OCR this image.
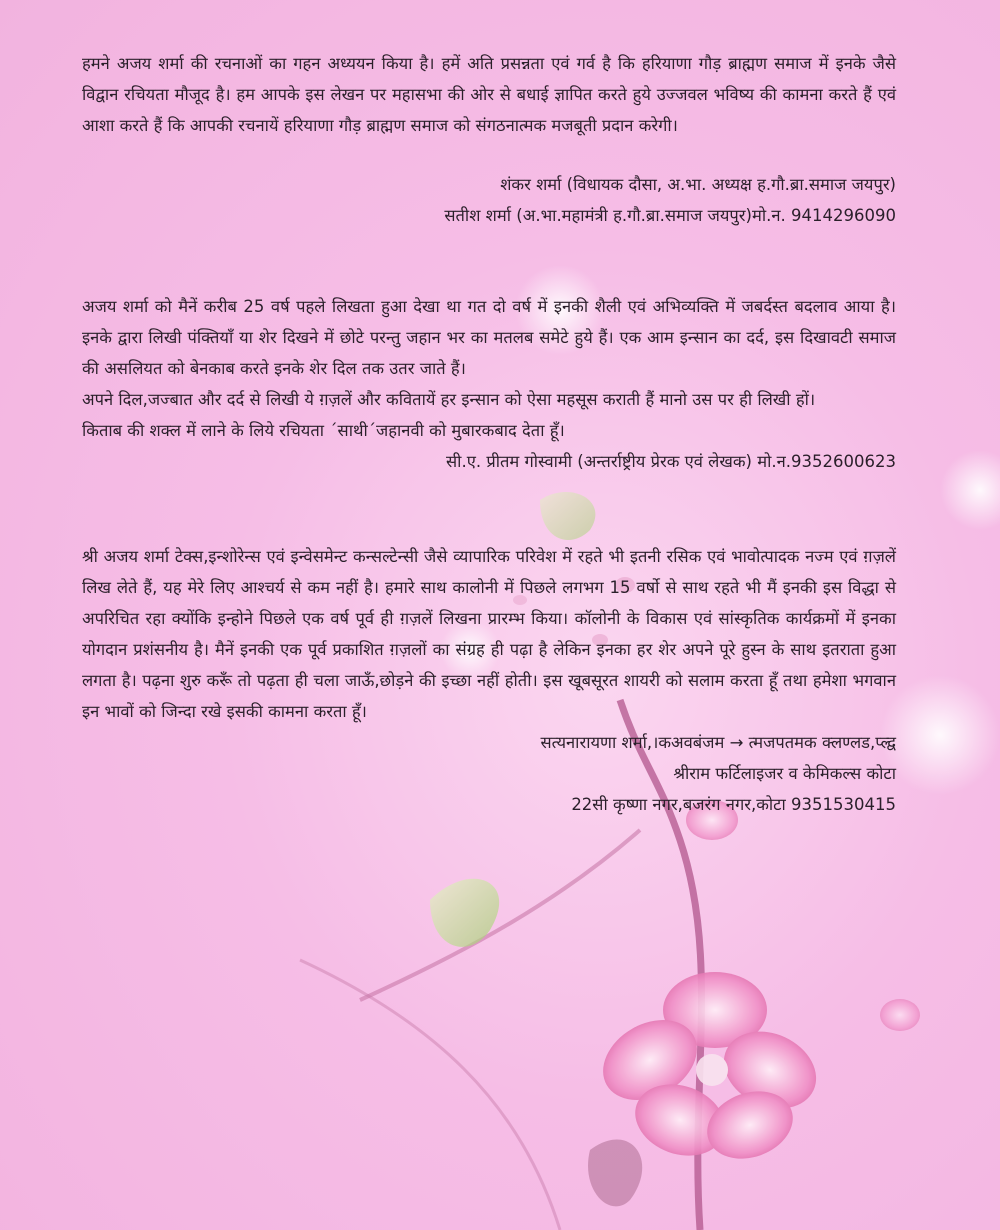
हमने अजय शर्मा की रचनाओं का गहन अध्ययन किया है। हमें अति प्रसन्नता एवं गर्व है कि हरियाणा गौड़ ब्राह्मण समाज में इनके जैसे विद्वान रचियता मौजूद है। हम आपके इस लेखन पर महासभा की ओर से बधाई ज्ञापित करते हुये उज्जवल भविष्य की कामना करते हैं एवं आशा करते हैं कि आपकी रचनायें हरियाणा गौड़ ब्राह्मण समाज को संगठनात्मक मजबूती प्रदान करेगी।

शंकर शर्मा (विधायक दौसा, अ.भा. अध्यक्ष ह.गौ.ब्रा.समाज जयपुर)
सतीश शर्मा (अ.भा.महामंत्री ह.गौ.ब्रा.समाज जयपुर)मो.न. 9414296090

अजय शर्मा को मैनें करीब 25 वर्ष पहले लिखता हुआ देखा था गत दो वर्ष में इनकी शैली एवं अभिव्यक्ति में जबर्दस्त बदलाव आया है। इनके द्वारा लिखी पंक्तियाँ या शेर दिखने में छोटे परन्तु जहान भर का मतलब समेटे हुये हैं। एक आम इन्सान का दर्द, इस दिखावटी समाज की असलियत को बेनकाब करते इनके शेर दिल तक उतर जाते हैं।

अपने दिल,जज्बात और दर्द से लिखी ये ग़ज़लें और कवितायें हर इन्सान को ऐसा महसूस कराती हैं मानो उस पर ही लिखी हों।

किताब की शक्ल में लाने के लिये रचियता ´साथी´जहानवी को मुबारकबाद देता हूँ।

सी.ए. प्रीतम गोस्वामी (अन्तर्राष्ट्रीय प्रेरक एवं लेखक) मो.न.9352600623

श्री अजय शर्मा टेक्स,इन्शोरेन्स एवं इन्वेसमेन्ट कन्सल्टेन्सी जैसे व्यापारिक परिवेश में रहते भी इतनी रसिक एवं भावोत्पादक नज्म एवं ग़ज़लें लिख लेते हैं, यह मेरे लिए आश्चर्य से कम नहीं है। हमारे साथ कालोनी में पिछले लगभग 15 वर्षो से साथ रहते भी मैं इनकी इस विद्धा से अपरिचित रहा क्योंकि इन्होने पिछले एक वर्ष पूर्व ही ग़ज़लें लिखना प्रारम्भ किया। कॉलोनी के विकास एवं सांस्कृतिक कार्यक्रमों में इनका योगदान प्रशंसनीय है। मैनें इनकी एक पूर्व प्रकाशित ग़ज़लों का संग्रह ही पढ़ा है लेकिन इनका हर शेर अपने पूरे हुस्न के साथ इतराता हुआ लगता है। पढ़ना शुरु करूँ तो पढ़ता ही चला जाऊँ,छोड़ने की इच्छा नहीं होती। इस खूबसूरत शायरी को सलाम करता हूँ तथा हमेशा भगवान इन भावों को जिन्दा रखे इसकी कामना करता हूँ।

सत्यनारायणा शर्मा,।कअवबंजम → त्मजपतमक क्लण्लड,प्ल्द्व
श्रीराम फर्टिलाइजर व केमिकल्स कोटा
22सी कृष्णा नगर,बजरंग नगर,कोटा 9351530415
